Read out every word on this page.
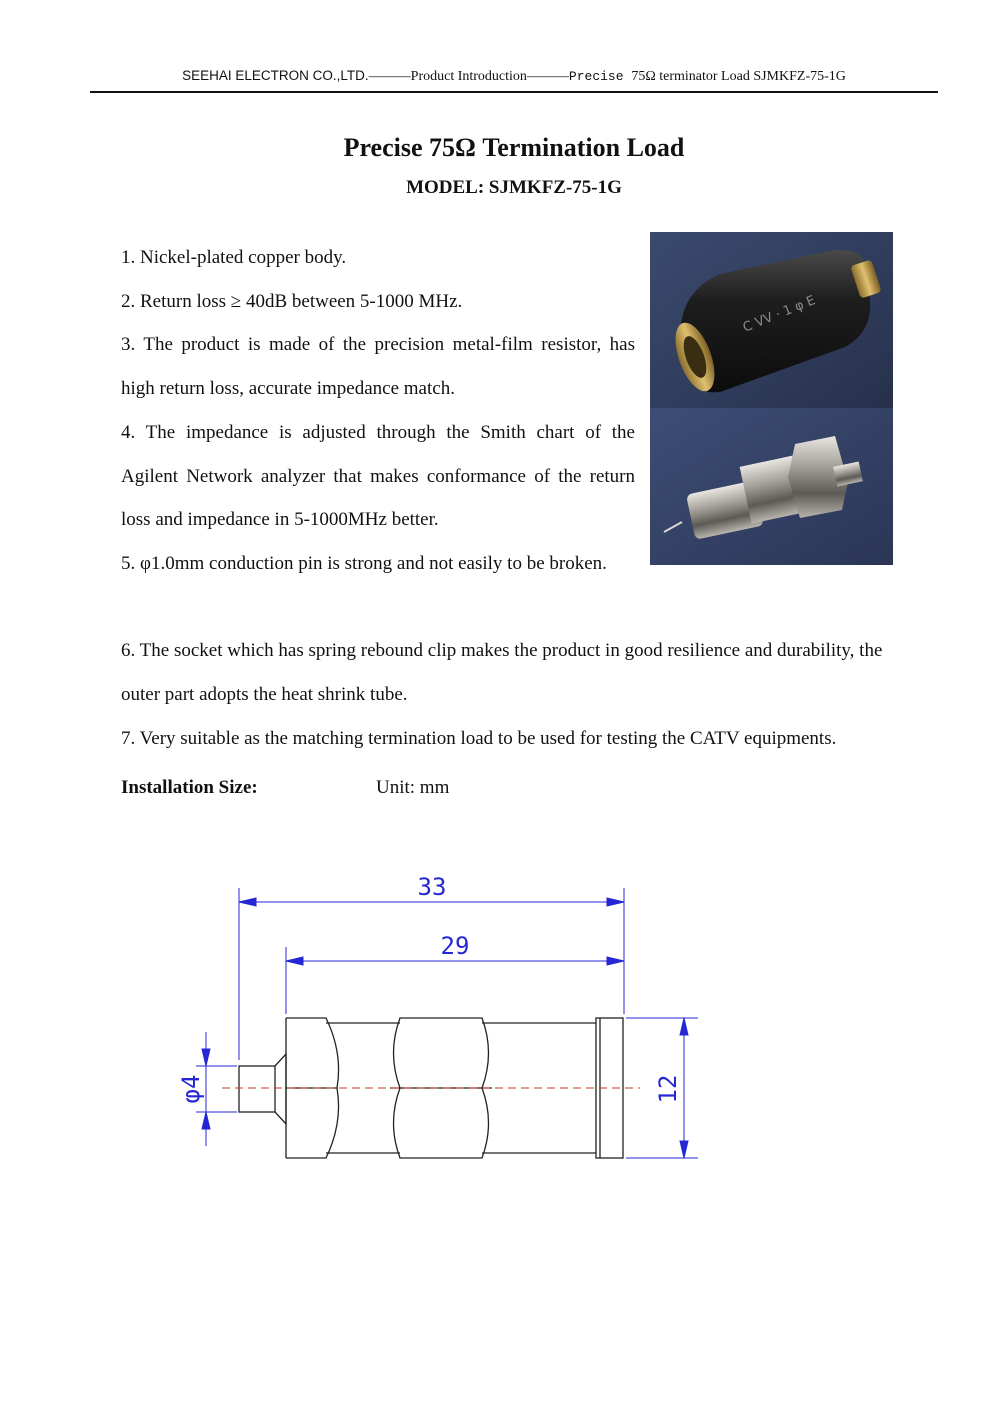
SEEHAI ELECTRON CO.,LTD.———Product Introduction———Precise 75Ω terminator Load SJMKFZ-75-1G
Precise 75Ω Termination Load
MODEL: SJMKFZ-75-1G
C VV · 1 φ E
1. Nickel-plated copper body.
2. Return loss ≥ 40dB between 5-1000 MHz.
3. The product is made of the precision metal-film resistor, has high return loss, accurate impedance match.
4. The impedance is adjusted through the Smith chart of the Agilent Network analyzer that makes conformance of the return loss and impedance in 5-1000MHz better.
5. φ1.0mm conduction pin is strong and not easily to be broken.
6. The socket which has spring rebound clip makes the product in good resilience and durability, the outer part adopts the heat shrink tube.
7. Very suitable as the matching termination load to be used for testing the CATV equipments.
Installation Size:	Unit: mm
33
29
φ4	12
